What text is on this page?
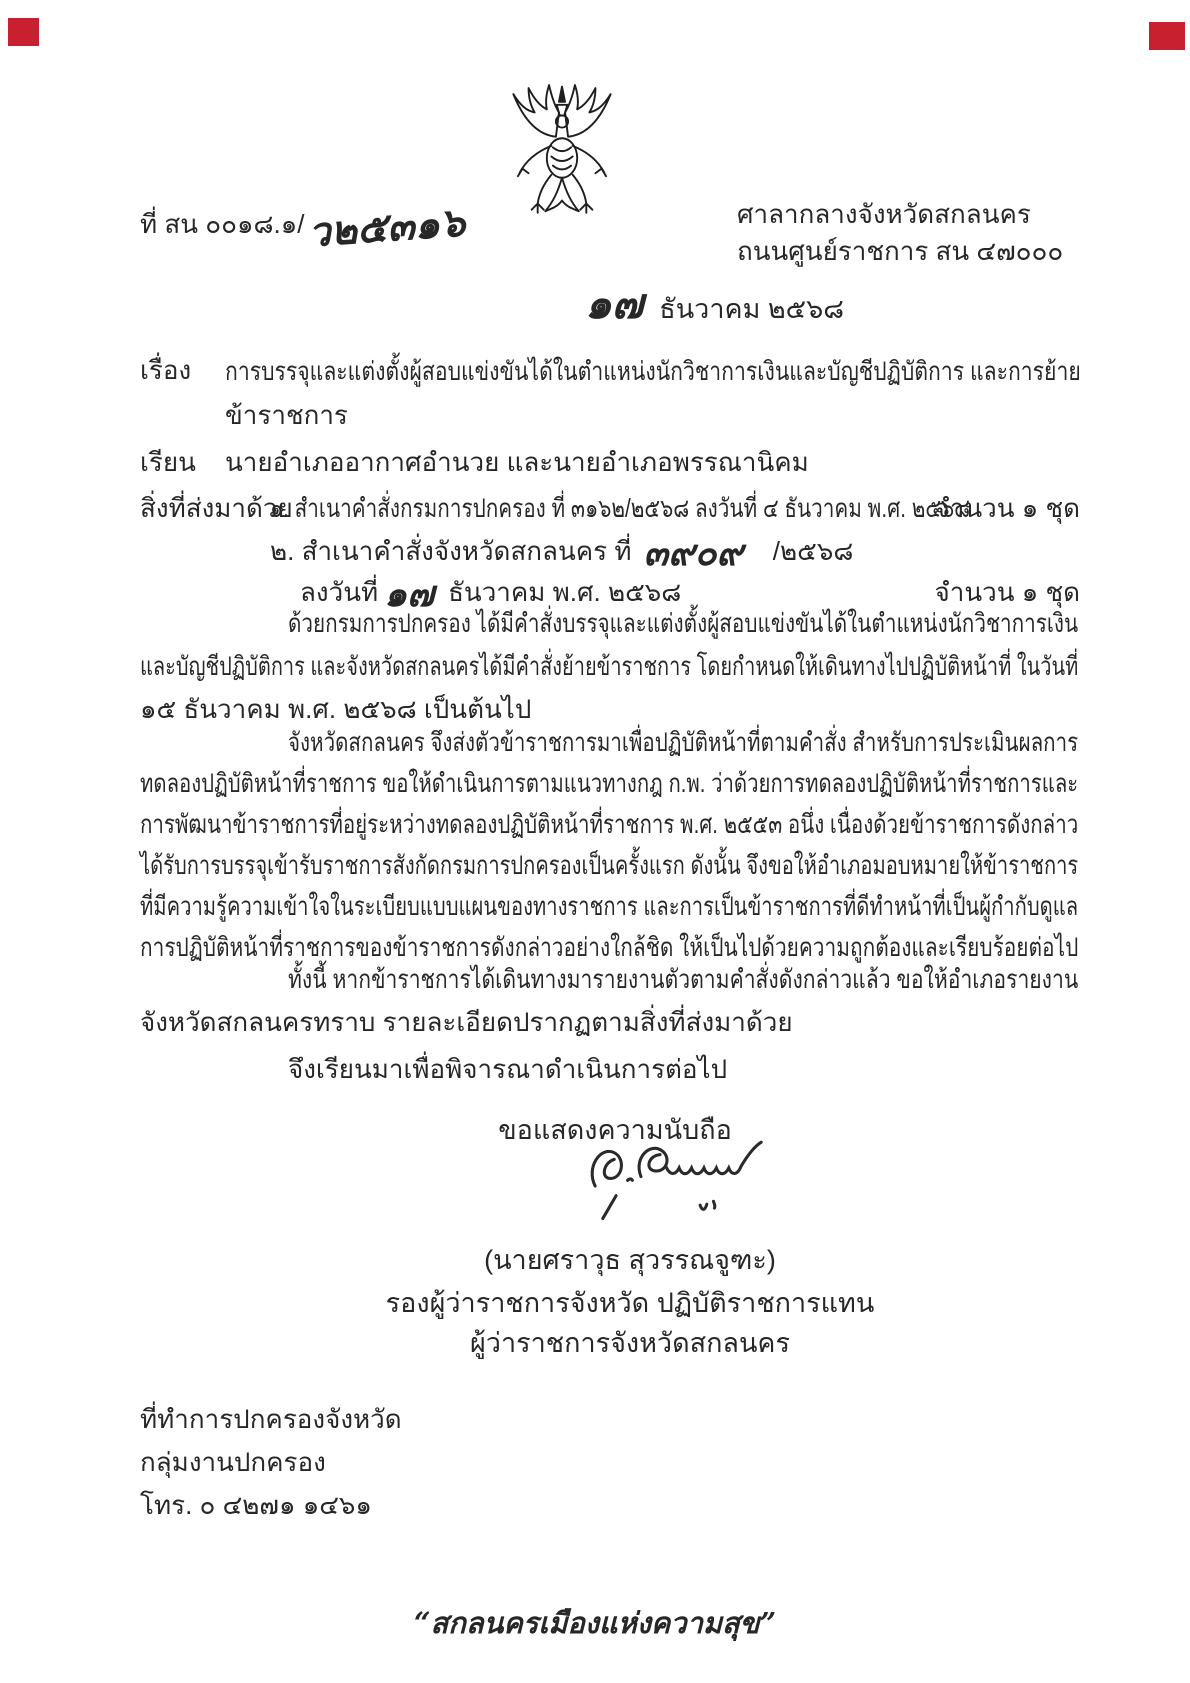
ที่ สน ๐๐๑๘.๑/ว๒๕๓๑๖	ศาลากลางจังหวัดสกลนคร
ถนนศูนย์ราชการ สน ๔๗๐๐๐
๑๗ ธันวาคม ๒๕๖๘
เรื่อง การบรรจุและแต่งตั้งผู้สอบแข่งขันได้ในตำแหน่งนักวิชาการเงินและบัญชีปฏิบัติการ และการย้าย
ข้าราชการ
เรียน นายอำเภออากาศอำนวย และนายอำเภอพรรณานิคม
สิ่งที่ส่งมาด้วย
๑. สำเนาคำสั่งกรมการปกครอง ที่ ๓๑๖๒/๒๕๖๘ ลงวันที่ ๔ ธันวาคม พ.ศ. ๒๕๖๘
จำนวน ๑ ชุด
๒. สำเนาคำสั่งจังหวัดสกลนคร ที่ ๓๙๐๙ /๒๕๖๘
ลงวันที่ ๑๗ ธันวาคม พ.ศ. ๒๕๖๘	จำนวน ๑ ชุด
ด้วยกรมการปกครอง ได้มีคำสั่งบรรจุและแต่งตั้งผู้สอบแข่งขันได้ในตำแหน่งนักวิชาการเงิน
และบัญชีปฏิบัติการ และจังหวัดสกลนครได้มีคำสั่งย้ายข้าราชการ โดยกำหนดให้เดินทางไปปฏิบัติหน้าที่ ในวันที่
๑๕ ธันวาคม พ.ศ. ๒๕๖๘ เป็นต้นไป
จังหวัดสกลนคร จึงส่งตัวข้าราชการมาเพื่อปฏิบัติหน้าที่ตามคำสั่ง สำหรับการประเมินผลการ
ทดลองปฏิบัติหน้าที่ราชการ ขอให้ดำเนินการตามแนวทางกฎ ก.พ. ว่าด้วยการทดลองปฏิบัติหน้าที่ราชการและ
การพัฒนาข้าราชการที่อยู่ระหว่างทดลองปฏิบัติหน้าที่ราชการ พ.ศ. ๒๕๕๓ อนึ่ง เนื่องด้วยข้าราชการดังกล่าว
ได้รับการบรรจุเข้ารับราชการสังกัดกรมการปกครองเป็นครั้งแรก ดังนั้น จึงขอให้อำเภอมอบหมายให้ข้าราชการ
ที่มีความรู้ความเข้าใจในระเบียบแบบแผนของทางราชการ และการเป็นข้าราชการที่ดีทำหน้าที่เป็นผู้กำกับดูแล
การปฏิบัติหน้าที่ราชการของข้าราชการดังกล่าวอย่างใกล้ชิด ให้เป็นไปด้วยความถูกต้องและเรียบร้อยต่อไป
ทั้งนี้ หากข้าราชการได้เดินทางมารายงานตัวตามคำสั่งดังกล่าวแล้ว ขอให้อำเภอรายงาน
จังหวัดสกลนครทราบ รายละเอียดปรากฏตามสิ่งที่ส่งมาด้วย
จึงเรียนมาเพื่อพิจารณาดำเนินการต่อไป
ขอแสดงความนับถือ
(นายศราวุธ สุวรรณจูฑะ)
รองผู้ว่าราชการจังหวัด ปฏิบัติราชการแทน
ผู้ว่าราชการจังหวัดสกลนคร
ที่ทำการปกครองจังหวัด
กลุ่มงานปกครอง
โทร. ๐ ๔๒๗๑ ๑๔๖๑
“สกลนครเมืองแห่งความสุข”
